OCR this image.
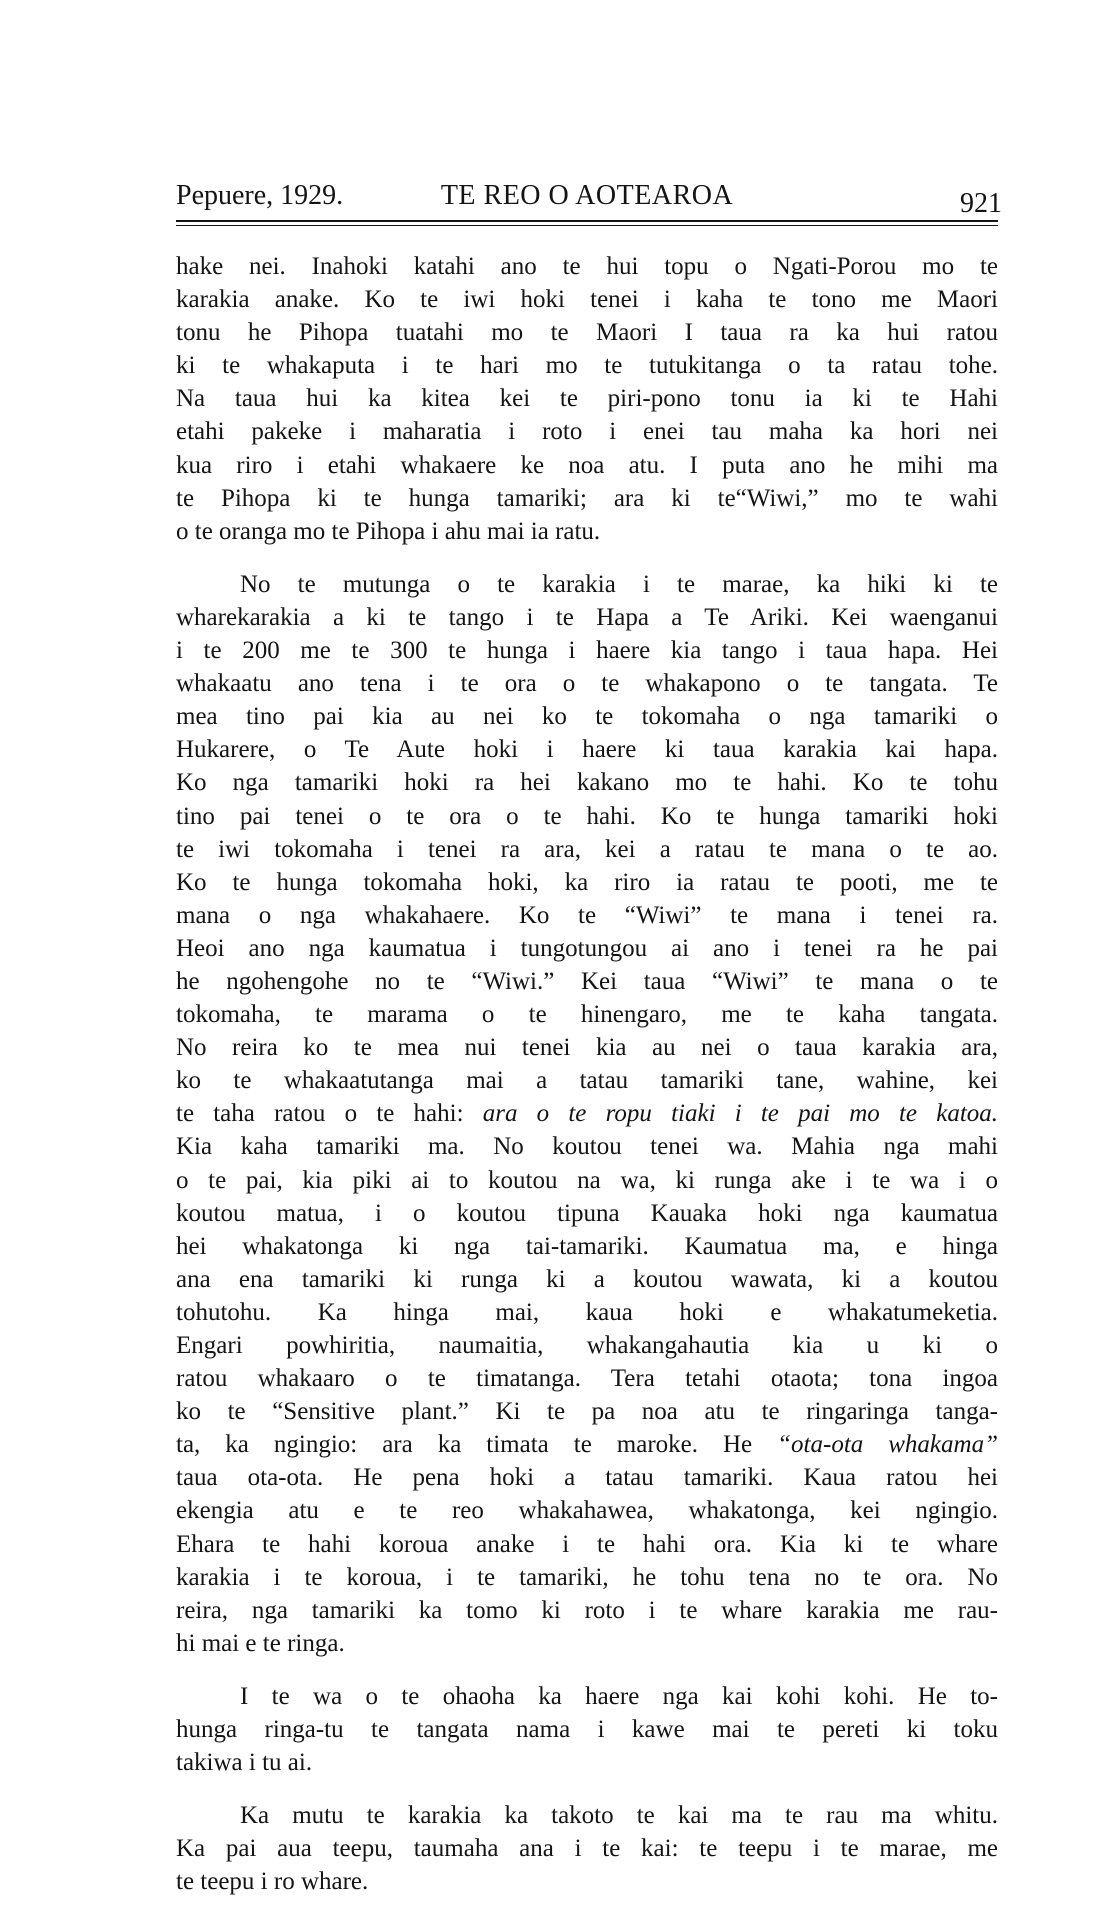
Pepuere, 1929.	TE REO O AOTEAROA	921
hake nei. Inahoki katahi ano te hui topu o Ngati-Porou mo te
karakia anake. Ko te iwi hoki tenei i kaha te tono me Maori
tonu he Pihopa tuatahi mo te Maori I taua ra ka hui ratou
ki te whakaputa i te hari mo te tutukitanga o ta ratau tohe.
Na taua hui ka kitea kei te piri-pono tonu ia ki te Hahi
etahi pakeke i maharatia i roto i enei tau maha ka hori nei
kua riro i etahi whakaere ke noa atu. I puta ano he mihi ma
te Pihopa ki te hunga tamariki; ara ki te“Wiwi,” mo te wahi
o te oranga mo te Pihopa i ahu mai ia ratu.
No te mutunga o te karakia i te marae, ka hiki ki te
wharekarakia a ki te tango i te Hapa a Te Ariki. Kei waenganui
i te 200 me te 300 te hunga i haere kia tango i taua hapa. Hei
whakaatu ano tena i te ora o te whakapono o te tangata. Te
mea tino pai kia au nei ko te tokomaha o nga tamariki o
Hukarere, o Te Aute hoki i haere ki taua karakia kai hapa.
Ko nga tamariki hoki ra hei kakano mo te hahi. Ko te tohu
tino pai tenei o te ora o te hahi. Ko te hunga tamariki hoki
te iwi tokomaha i tenei ra ara, kei a ratau te mana o te ao.
Ko te hunga tokomaha hoki, ka riro ia ratau te pooti, me te
mana o nga whakahaere. Ko te “Wiwi” te mana i tenei ra.
Heoi ano nga kaumatua i tungotungou ai ano i tenei ra he pai
he ngohengohe no te “Wiwi.” Kei taua “Wiwi” te mana o te
tokomaha, te marama o te hinengaro, me te kaha tangata.
No reira ko te mea nui tenei kia au nei o taua karakia ara,
ko te whakaatutanga mai a tatau tamariki tane, wahine, kei
te taha ratou o te hahi: ara o te ropu tiaki i te pai mo te katoa.
Kia kaha tamariki ma. No koutou tenei wa. Mahia nga mahi
o te pai, kia piki ai to koutou na wa, ki runga ake i te wa i o
koutou matua, i o koutou tipuna Kauaka hoki nga kaumatua
hei whakatonga ki nga tai-tamariki. Kaumatua ma, e hinga
ana ena tamariki ki runga ki a koutou wawata, ki a koutou
tohutohu. Ka hinga mai, kaua hoki e whakatumeketia.
Engari powhiritia, naumaitia, whakangahautia kia u ki o
ratou whakaaro o te timatanga. Tera tetahi otaota; tona ingoa
ko te “Sensitive plant.” Ki te pa noa atu te ringaringa tanga-
ta, ka ngingio: ara ka timata te maroke. He “ota-ota whakama”
taua ota-ota. He pena hoki a tatau tamariki. Kaua ratou hei
ekengia atu e te reo whakahawea, whakatonga, kei ngingio.
Ehara te hahi koroua anake i te hahi ora. Kia ki te whare
karakia i te koroua, i te tamariki, he tohu tena no te ora. No
reira, nga tamariki ka tomo ki roto i te whare karakia me rau-
hi mai e te ringa.
I te wa o te ohaoha ka haere nga kai kohi kohi. He to-
hunga ringa-tu te tangata nama i kawe mai te pereti ki toku
takiwa i tu ai.
Ka mutu te karakia ka takoto te kai ma te rau ma whitu.
Ka pai aua teepu, taumaha ana i te kai: te teepu i te marae, me
te teepu i ro whare.
